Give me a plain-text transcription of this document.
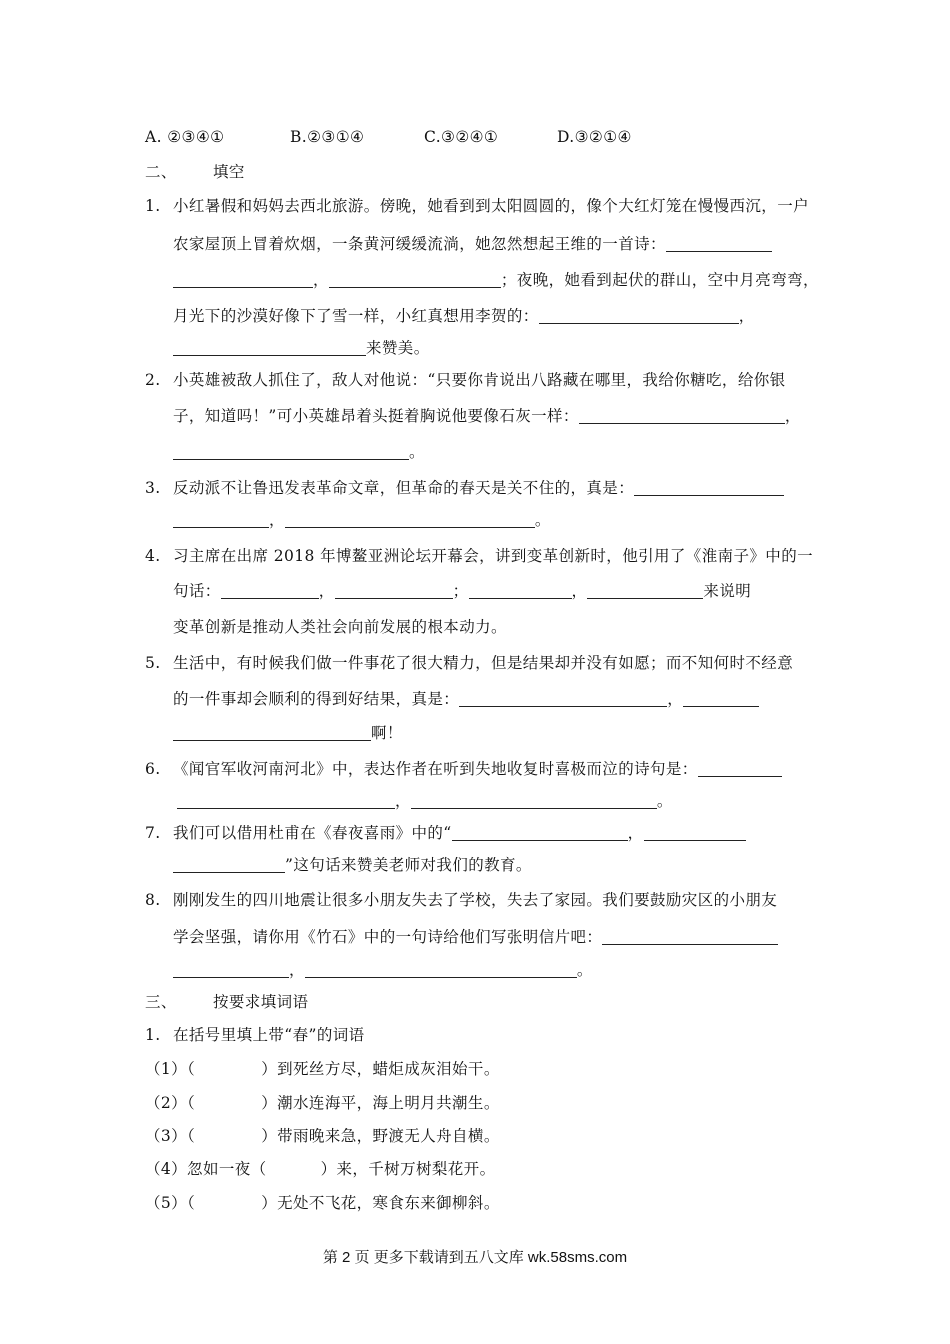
A. ②③④①	B.②③①④	C.③②④①	D.③②①④
二、 填空
1. 小红暑假和妈妈去西北旅游。傍晚，她看到到太阳圆圆的，像个大红灯笼在慢慢西沉，一户
农家屋顶上冒着炊烟，一条黄河缓缓流淌，她忽然想起王维的一首诗：
，	；夜晚，她看到起伏的群山，空中月亮弯弯，
月光下的沙漠好像下了雪一样，小红真想用李贺的：	，
来赞美。
2. 小英雄被敌人抓住了，敌人对他说：“只要你肯说出八路藏在哪里，我给你糖吃，给你银
子，知道吗！”可小英雄昂着头挺着胸说他要像石灰一样：	，
。
3. 反动派不让鲁迅发表革命文章，但革命的春天是关不住的，真是：
，	。
4. 习主席在出席 2018 年博鳌亚洲论坛开幕会，讲到变革创新时，他引用了《淮南子》中的一
句话：	，	；	，	来说明
变革创新是推动人类社会向前发展的根本动力。
5. 生活中，有时候我们做一件事花了很大精力，但是结果却并没有如愿；而不知何时不经意
的一件事却会顺利的得到好结果，真是：	，
啊！
6. 《闻官军收河南河北》中，表达作者在听到失地收复时喜极而泣的诗句是：
，	。
7. 我们可以借用杜甫在《春夜喜雨》中的“	，
”这句话来赞美老师对我们的教育。
8. 刚刚发生的四川地震让很多小朋友失去了学校，失去了家园。我们要鼓励灾区的小朋友
学会坚强，请你用《竹石》中的一句诗给他们写张明信片吧：
，	。
三、 按要求填词语
1. 在括号里填上带“春”的词语
（1）（	）到死丝方尽，蜡炬成灰泪始干。
（2）（	）潮水连海平，海上明月共潮生。
（3）（	）带雨晚来急，野渡无人舟自横。
（4）忽如一夜（	）来，千树万树梨花开。
（5）（	）无处不飞花，寒食东来御柳斜。
第 2 页 更多下载请到五八文库 wk.58sms.com
